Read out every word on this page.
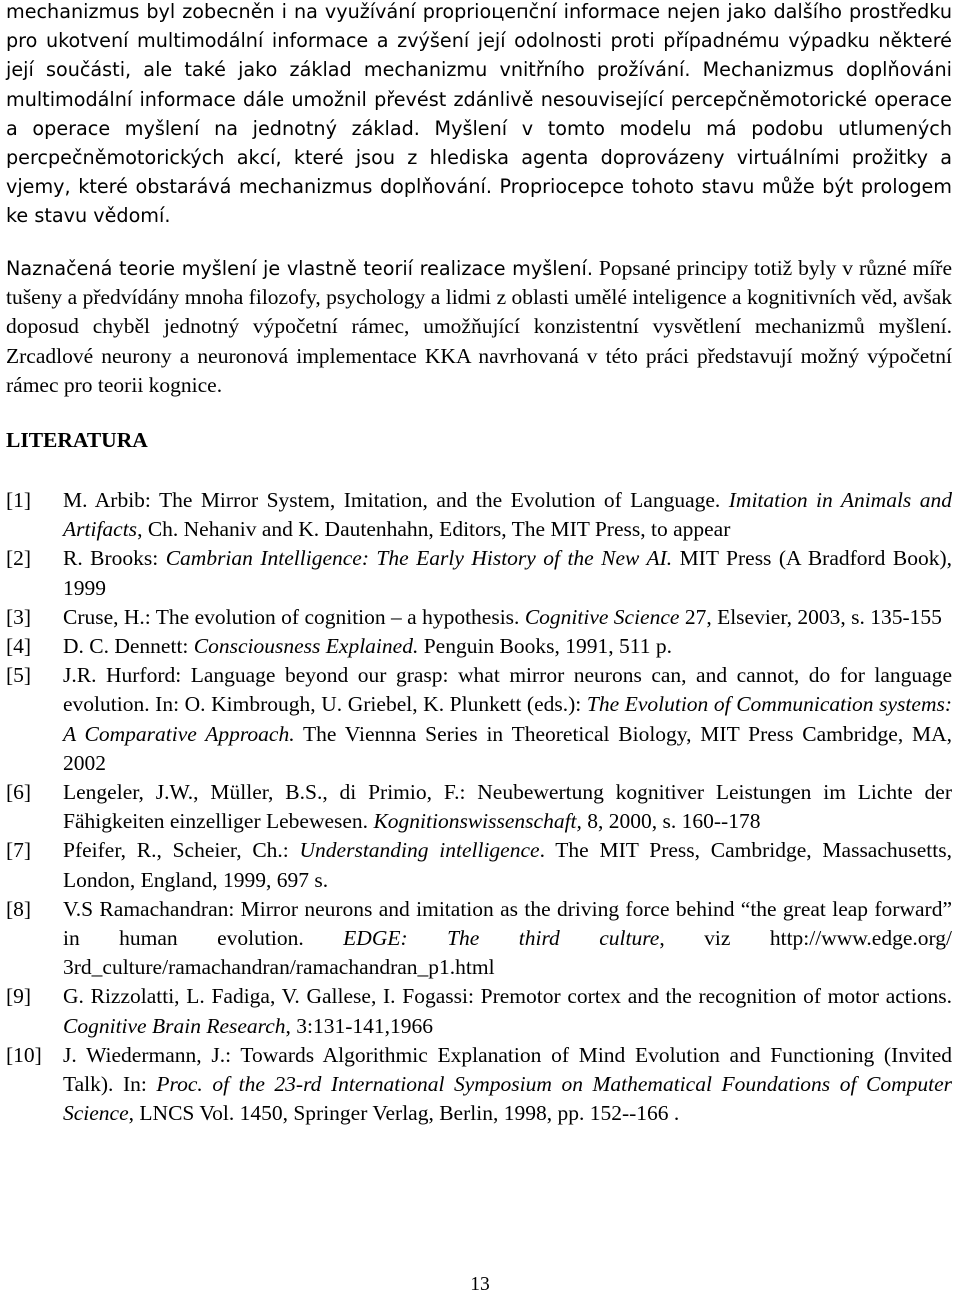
mechanizmus byl zobecněn i na využívání proprioцепční informace nejen jako dalšího prostředku pro ukotvení multimodální informace a zvýšení její odolnosti proti případnému výpadku některé její součásti, ale také jako základ mechanizmu vnitřního prožívání. Mechanizmus doplňováni multimodální informace dále umožnil převést zdánlivě nesouvisející percepčněmotorické operace a operace myšlení na jednotný základ. Myšlení v tomto modelu má podobu utlumených percpečněmotorických akcí, které jsou z hlediska agenta doprovázeny virtuálními prožitky a vjemy, které obstarává mechanizmus doplňování. Propriocepce tohoto stavu může být prologem ke stavu vědomí.

Naznačená teorie myšlení je vlastně teorií realizace myšlení. Popsané principy totiž byly v různé míře tušeny a předvídány mnoha filozofy, psychology a lidmi z oblasti umělé inteligence a kognitivních věd, avšak doposud chyběl jednotný výpočetní rámec, umožňující konzistentní vysvětlení mechanizmů myšlení. Zrcadlové neurony a neuronová implementace KKA navrhovaná v této práci představují možný výpočetní rámec pro teorii kognice.

LITERATURA
[1] M. Arbib: The Mirror System, Imitation, and the Evolution of Language. Imitation in Animals and Artifacts, Ch. Nehaniv and K. Dautenhahn, Editors, The MIT Press, to appear
[2] R. Brooks: Cambrian Intelligence: The Early History of the New AI. MIT Press (A Bradford Book), 1999
[3] Cruse, H.: The evolution of cognition – a hypothesis. Cognitive Science 27, Elsevier, 2003, s. 135-155
[4] D. C. Dennett: Consciousness Explained. Penguin Books, 1991, 511 p.
[5] J.R. Hurford: Language beyond our grasp: what mirror neurons can, and cannot, do for language evolution. In: O. Kimbrough, U. Griebel, K. Plunkett (eds.): The Evolution of Communication systems: A Comparative Approach. The Viennna Series in Theoretical Biology, MIT Press Cambridge, MA, 2002
[6] Lengeler, J.W., Müller, B.S., di Primio, F.: Neubewertung kognitiver Leistungen im Lichte der Fähigkeiten einzelliger Lebewesen. Kognitionswissenschaft, 8, 2000, s. 160--178
[7] Pfeifer, R., Scheier, Ch.: Understanding intelligence. The MIT Press, Cambridge, Massachusetts, London, England, 1999, 697 s.
[8] V.S Ramachandran: Mirror neurons and imitation as the driving force behind “the great leap forward” in human evolution. EDGE: The third culture, viz http://www.edge.org/ 3rd_culture/ramachandran/ramachandran_p1.html
[9] G. Rizzolatti, L. Fadiga, V. Gallese, I. Fogassi: Premotor cortex and the recognition of motor actions. Cognitive Brain Research, 3:131-141,1966
[10] J. Wiedermann, J.: Towards Algorithmic Explanation of Mind Evolution and Functioning (Invited Talk). In: Proc. of the 23-rd International Symposium on Mathematical Foundations of Computer Science, LNCS Vol. 1450, Springer Verlag, Berlin, 1998, pp. 152--166 .
13
